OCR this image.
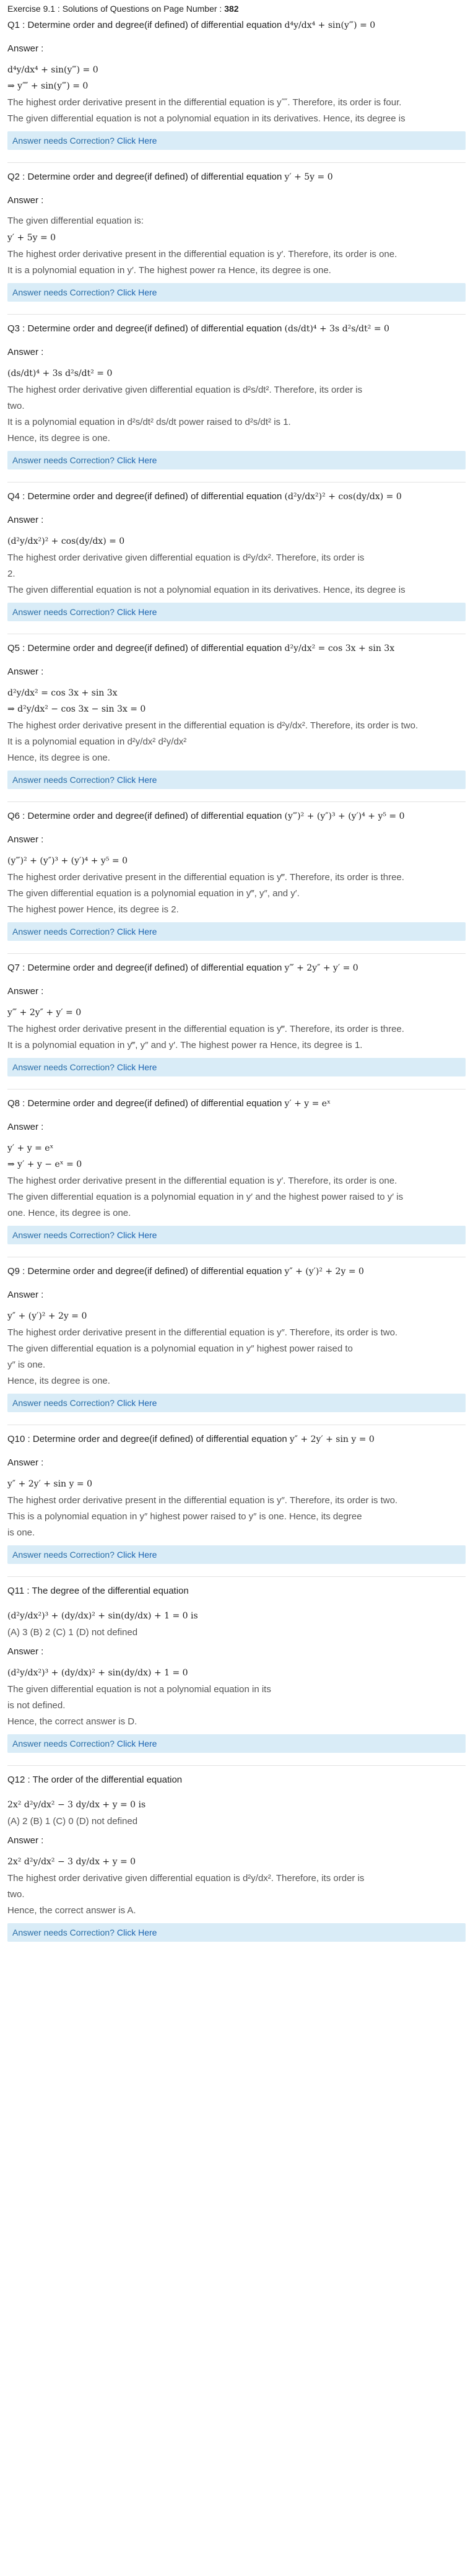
Exercise 9.1 : Solutions of Questions on Page Number : 382
Q1 : Determine order and degree(if defined) of differential equation d⁴y/dx⁴ + sin(y‴) = 0
Answer :
d⁴y/dx⁴ + sin(y‴) = 0
⇒ y⁗ + sin(y‴) = 0
The highest order derivative present in the differential equation is y⁗. Therefore, its order is four.
The given differential equation is not a polynomial equation in its derivatives. Hence, its degree is
Answer needs Correction? Click Here
Q2 : Determine order and degree(if defined) of differential equation y′ + 5y = 0
Answer :
The given differential equation is:
y′ + 5y = 0
The highest order derivative present in the differential equation is y′. Therefore, its order is one.
It is a polynomial equation in y′. The highest power ra Hence, its degree is one.
Answer needs Correction? Click Here
Q3 : Determine order and degree(if defined) of differential equation (ds/dt)⁴ + 3s d²s/dt² = 0
Answer :
(ds/dt)⁴ + 3s d²s/dt² = 0
The highest order derivative given differential equation is d²s/dt². Therefore, its order is
two.
It is a polynomial equation in d²s/dt² ds/dt power raised to d²s/dt² is 1.
Hence, its degree is one.
Answer needs Correction? Click Here
Q4 : Determine order and degree(if defined) of differential equation (d²y/dx²)² + cos(dy/dx) = 0
Answer :
(d²y/dx²)² + cos(dy/dx) = 0
The highest order derivative given differential equation is d²y/dx². Therefore, its order is
2.
The given differential equation is not a polynomial equation in its derivatives. Hence, its degree is
Answer needs Correction? Click Here
Q5 : Determine order and degree(if defined) of differential equation d²y/dx² = cos 3x + sin 3x
Answer :
d²y/dx² = cos 3x + sin 3x
⇒ d²y/dx² − cos 3x − sin 3x = 0
The highest order derivative present in the differential equation is d²y/dx². Therefore, its order is two.
It is a polynomial equation in d²y/dx² d²y/dx²
Hence, its degree is one.
Answer needs Correction? Click Here
Q6 : Determine order and degree(if defined) of differential equation (y‴)² + (y″)³ + (y′)⁴ + y⁵ = 0
Answer :
(y‴)² + (y″)³ + (y′)⁴ + y⁵ = 0
The highest order derivative present in the differential equation is y‴. Therefore, its order is three.
The given differential equation is a polynomial equation in y‴, y″, and y′.
The highest power Hence, its degree is 2.
Answer needs Correction? Click Here
Q7 : Determine order and degree(if defined) of differential equation y‴ + 2y″ + y′ = 0
Answer :
y‴ + 2y″ + y′ = 0
The highest order derivative present in the differential equation is y‴. Therefore, its order is three.
It is a polynomial equation in y‴, y″ and y′. The highest power ra Hence, its degree is 1.
Answer needs Correction? Click Here
Q8 : Determine order and degree(if defined) of differential equation y′ + y = eˣ
Answer :
y′ + y = eˣ
⇒ y′ + y − eˣ = 0
The highest order derivative present in the differential equation is y′. Therefore, its order is one.
The given differential equation is a polynomial equation in y′ and the highest power raised to y′ is
one. Hence, its degree is one.
Answer needs Correction? Click Here
Q9 : Determine order and degree(if defined) of differential equation y″ + (y′)² + 2y = 0
Answer :
y″ + (y′)² + 2y = 0
The highest order derivative present in the differential equation is y″. Therefore, its order is two.
The given differential equation is a polynomial equation in y″ highest power raised to
y″ is one.
Hence, its degree is one.
Answer needs Correction? Click Here
Q10 : Determine order and degree(if defined) of differential equation y″ + 2y′ + sin y = 0
Answer :
y″ + 2y′ + sin y = 0
The highest order derivative present in the differential equation is y″. Therefore, its order is two.
This is a polynomial equation in y″ highest power raised to y″ is one. Hence, its degree
is one.
Answer needs Correction? Click Here
Q11 : The degree of the differential equation
(d²y/dx²)³ + (dy/dx)² + sin(dy/dx) + 1 = 0 is
(A) 3 (B) 2 (C) 1 (D) not defined
Answer :
(d²y/dx²)³ + (dy/dx)² + sin(dy/dx) + 1 = 0
The given differential equation is not a polynomial equation in its
is not defined.
Hence, the correct answer is D.
Answer needs Correction? Click Here
Q12 : The order of the differential equation
2x² d²y/dx² − 3 dy/dx + y = 0 is
(A) 2 (B) 1 (C) 0 (D) not defined
Answer :
2x² d²y/dx² − 3 dy/dx + y = 0
The highest order derivative given differential equation is d²y/dx². Therefore, its order is
two.
Hence, the correct answer is A.
Answer needs Correction? Click Here
